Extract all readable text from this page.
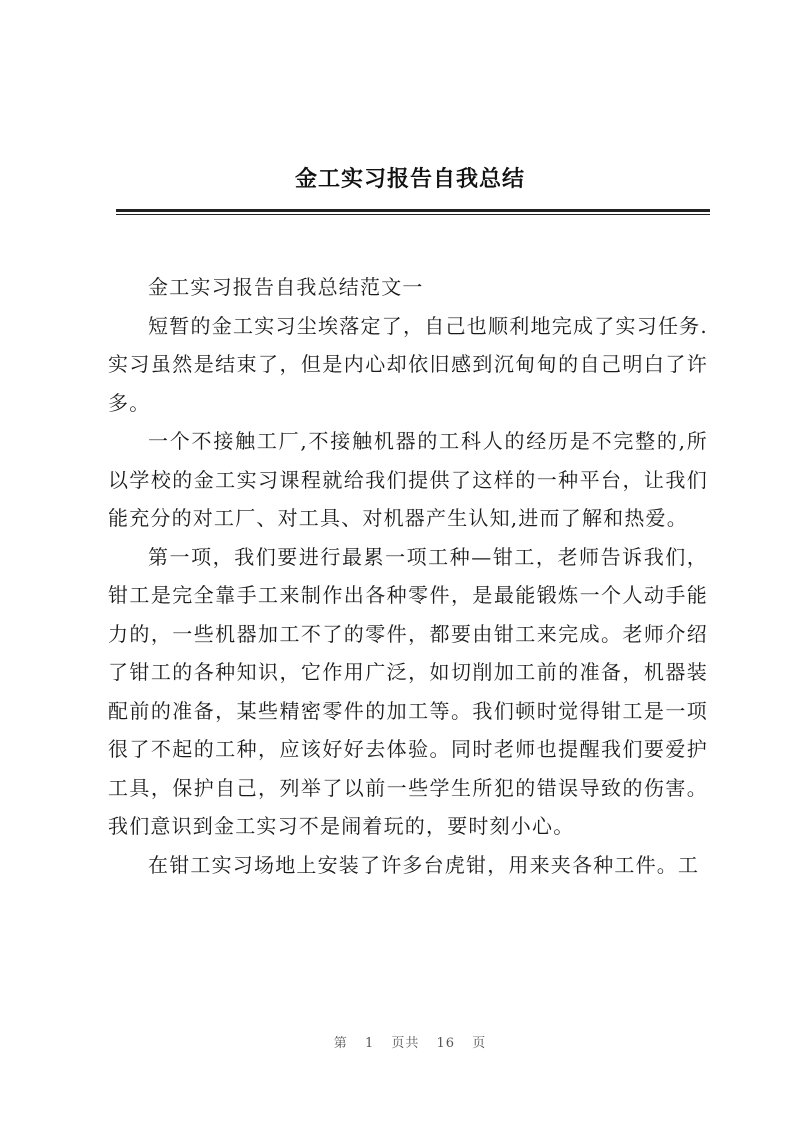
金工实习报告自我总结

金工实习报告自我总结范文一

短暂的金工实习尘埃落定了，自己也顺利地完成了实习任务.实习虽然是结束了，但是内心却依旧感到沉甸甸的自己明白了许多。

一个不接触工厂,不接触机器的工科人的经历是不完整的,所以学校的金工实习课程就给我们提供了这样的一种平台，让我们能充分的对工厂、对工具、对机器产生认知,进而了解和热爱。

第一项，我们要进行最累一项工种—钳工，老师告诉我们，钳工是完全靠手工来制作出各种零件，是最能锻炼一个人动手能力的，一些机器加工不了的零件，都要由钳工来完成。老师介绍了钳工的各种知识，它作用广泛，如切削加工前的准备，机器装配前的准备，某些精密零件的加工等。我们顿时觉得钳工是一项很了不起的工种，应该好好去体验。同时老师也提醒我们要爱护工具，保护自己，列举了以前一些学生所犯的错误导致的伤害。我们意识到金工实习不是闹着玩的，要时刻小心。

在钳工实习场地上安装了许多台虎钳，用来夹各种工件。工

第 1 页共 16 页
